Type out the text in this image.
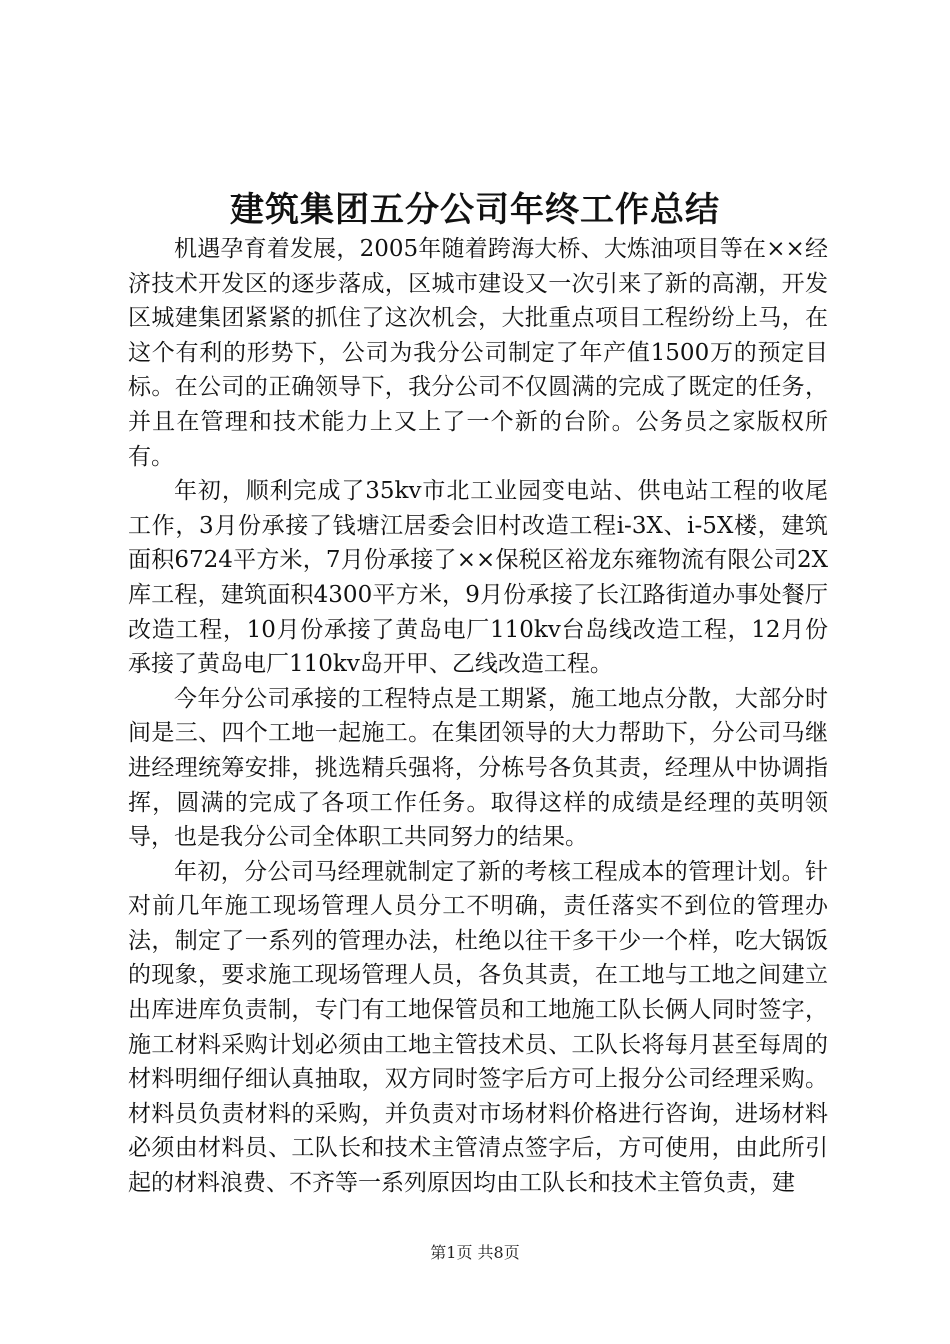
建筑集团五分公司年终工作总结

机遇孕育着发展，2005年随着跨海大桥、大炼油项目等在××经济技术开发区的逐步落成，区城市建设又一次引来了新的高潮，开发区城建集团紧紧的抓住了这次机会，大批重点项目工程纷纷上马，在这个有利的形势下，公司为我分公司制定了年产值1500万的预定目标。在公司的正确领导下，我分公司不仅圆满的完成了既定的任务，并且在管理和技术能力上又上了一个新的台阶。公务员之家版权所有。

年初，顺利完成了35kv市北工业园变电站、供电站工程的收尾工作，3月份承接了钱塘江居委会旧村改造工程i-3X、i-5X楼，建筑面积6724平方米，7月份承接了××保税区裕龙东雍物流有限公司2X库工程，建筑面积4300平方米，9月份承接了长江路街道办事处餐厅改造工程，10月份承接了黄岛电厂110kv台岛线改造工程，12月份承接了黄岛电厂110kv岛开甲、乙线改造工程。

今年分公司承接的工程特点是工期紧，施工地点分散，大部分时间是三、四个工地一起施工。在集团领导的大力帮助下，分公司马继进经理统筹安排，挑选精兵强将，分栋号各负其责，经理从中协调指挥，圆满的完成了各项工作任务。取得这样的成绩是经理的英明领导，也是我分公司全体职工共同努力的结果。

年初，分公司马经理就制定了新的考核工程成本的管理计划。针对前几年施工现场管理人员分工不明确，责任落实不到位的管理办法，制定了一系列的管理办法，杜绝以往干多干少一个样，吃大锅饭的现象，要求施工现场管理人员，各负其责，在工地与工地之间建立出库进库负责制，专门有工地保管员和工地施工队长俩人同时签字，施工材料采购计划必须由工地主管技术员、工队长将每月甚至每周的材料明细仔细认真抽取，双方同时签字后方可上报分公司经理采购。材料员负责材料的采购，并负责对市场材料价格进行咨询，进场材料必须由材料员、工队长和技术主管清点签字后，方可使用，由此所引起的材料浪费、不齐等一系列原因均由工队长和技术主管负责，建

第1页 共8页
